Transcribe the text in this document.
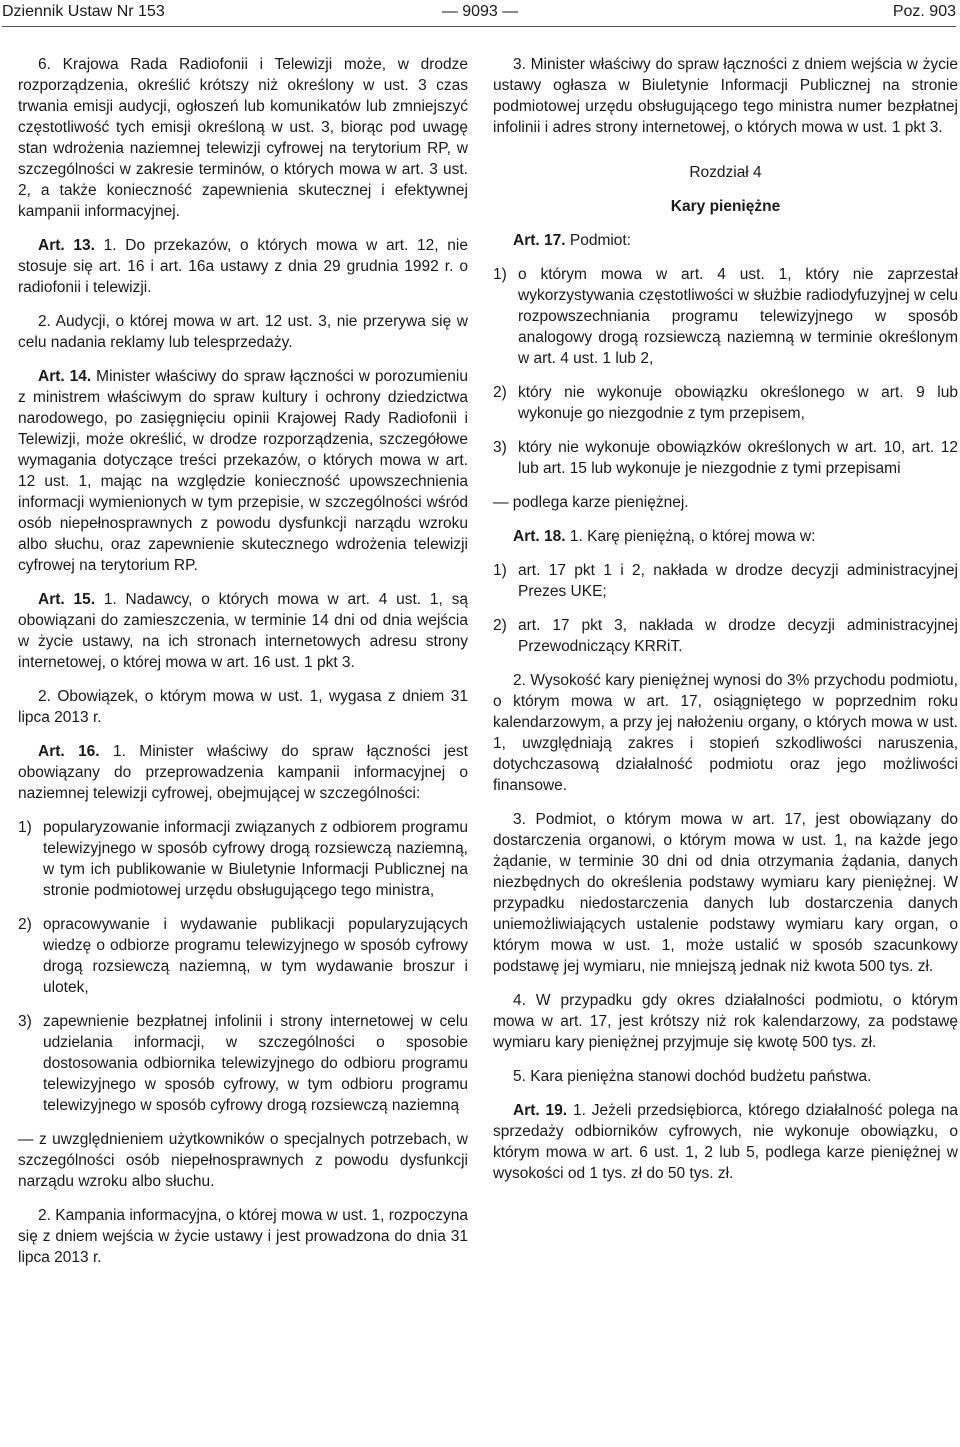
Dziennik Ustaw Nr 153	— 9093 —	Poz. 903

6. Krajowa Rada Radiofonii i Telewizji może, w drodze rozporządzenia, określić krótszy niż określony w ust. 3 czas trwania emisji audycji, ogłoszeń lub komunikatów lub zmniejszyć częstotliwość tych emisji określoną w ust. 3, biorąc pod uwagę stan wdrożenia naziemnej telewizji cyfrowej na terytorium RP, w szczególności w zakresie terminów, o których mowa w art. 3 ust. 2, a także konieczność zapewnienia skutecznej i efektywnej kampanii informacyjnej.

Art. 13. 1. Do przekazów, o których mowa w art. 12, nie stosuje się art. 16 i art. 16a ustawy z dnia 29 grudnia 1992 r. o radiofonii i telewizji.

2. Audycji, o której mowa w art. 12 ust. 3, nie przerywa się w celu nadania reklamy lub telesprzedaży.

Art. 14. Minister właściwy do spraw łączności w porozumieniu z ministrem właściwym do spraw kultury i ochrony dziedzictwa narodowego, po zasięgnięciu opinii Krajowej Rady Radiofonii i Telewizji, może określić, w drodze rozporządzenia, szczegółowe wymagania dotyczące treści przekazów, o których mowa w art. 12 ust. 1, mając na względzie konieczność upowszechnienia informacji wymienionych w tym przepisie, w szczególności wśród osób niepełnosprawnych z powodu dysfunkcji narządu wzroku albo słuchu, oraz zapewnienie skutecznego wdrożenia telewizji cyfrowej na terytorium RP.

Art. 15. 1. Nadawcy, o których mowa w art. 4 ust. 1, są obowiązani do zamieszczenia, w terminie 14 dni od dnia wejścia w życie ustawy, na ich stronach internetowych adresu strony internetowej, o której mowa w art. 16 ust. 1 pkt 3.

2. Obowiązek, o którym mowa w ust. 1, wygasa z dniem 31 lipca 2013 r.

Art. 16. 1. Minister właściwy do spraw łączności jest obowiązany do przeprowadzenia kampanii informacyjnej o naziemnej telewizji cyfrowej, obejmującej w szczególności:

1) popularyzowanie informacji związanych z odbiorem programu telewizyjnego w sposób cyfrowy drogą rozsiewczą naziemną, w tym ich publikowanie w Biuletynie Informacji Publicznej na stronie podmiotowej urzędu obsługującego tego ministra,
2) opracowywanie i wydawanie publikacji popularyzujących wiedzę o odbiorze programu telewizyjnego w sposób cyfrowy drogą rozsiewczą naziemną, w tym wydawanie broszur i ulotek,
3) zapewnienie bezpłatnej infolinii i strony internetowej w celu udzielania informacji, w szczególności o sposobie dostosowania odbiornika telewizyjnego do odbioru programu telewizyjnego w sposób cyfrowy, w tym odbioru programu telewizyjnego w sposób cyfrowy drogą rozsiewczą naziemną

— z uwzględnieniem użytkowników o specjalnych potrzebach, w szczególności osób niepełnosprawnych z powodu dysfunkcji narządu wzroku albo słuchu.

2. Kampania informacyjna, o której mowa w ust. 1, rozpoczyna się z dniem wejścia w życie ustawy i jest prowadzona do dnia 31 lipca 2013 r.

3. Minister właściwy do spraw łączności z dniem wejścia w życie ustawy ogłasza w Biuletynie Informacji Publicznej na stronie podmiotowej urzędu obsługującego tego ministra numer bezpłatnej infolinii i adres strony internetowej, o których mowa w ust. 1 pkt 3.

Rozdział 4

Kary pieniężne

Art. 17. Podmiot:

1) o którym mowa w art. 4 ust. 1, który nie zaprzestał wykorzystywania częstotliwości w służbie radiodyfuzyjnej w celu rozpowszechniania programu telewizyjnego w sposób analogowy drogą rozsiewczą naziemną w terminie określonym w art. 4 ust. 1 lub 2,
2) który nie wykonuje obowiązku określonego w art. 9 lub wykonuje go niezgodnie z tym przepisem,
3) który nie wykonuje obowiązków określonych w art. 10, art. 12 lub art. 15 lub wykonuje je niezgodnie z tymi przepisami

— podlega karze pieniężnej.

Art. 18. 1. Karę pieniężną, o której mowa w:

1) art. 17 pkt 1 i 2, nakłada w drodze decyzji administracyjnej Prezes UKE;
2) art. 17 pkt 3, nakłada w drodze decyzji administracyjnej Przewodniczący KRRiT.

2. Wysokość kary pieniężnej wynosi do 3% przychodu podmiotu, o którym mowa w art. 17, osiągniętego w poprzednim roku kalendarzowym, a przy jej nałożeniu organy, o których mowa w ust. 1, uwzględniają zakres i stopień szkodliwości naruszenia, dotychczasową działalność podmiotu oraz jego możliwości finansowe.

3. Podmiot, o którym mowa w art. 17, jest obowiązany do dostarczenia organowi, o którym mowa w ust. 1, na każde jego żądanie, w terminie 30 dni od dnia otrzymania żądania, danych niezbędnych do określenia podstawy wymiaru kary pieniężnej. W przypadku niedostarczenia danych lub dostarczenia danych uniemożliwiających ustalenie podstawy wymiaru kary organ, o którym mowa w ust. 1, może ustalić w sposób szacunkowy podstawę jej wymiaru, nie mniejszą jednak niż kwota 500 tys. zł.

4. W przypadku gdy okres działalności podmiotu, o którym mowa w art. 17, jest krótszy niż rok kalendarzowy, za podstawę wymiaru kary pieniężnej przyjmuje się kwotę 500 tys. zł.

5. Kara pieniężna stanowi dochód budżetu państwa.

Art. 19. 1. Jeżeli przedsiębiorca, którego działalność polega na sprzedaży odbiorników cyfrowych, nie wykonuje obowiązku, o którym mowa w art. 6 ust. 1, 2 lub 5, podlega karze pieniężnej w wysokości od 1 tys. zł do 50 tys. zł.
